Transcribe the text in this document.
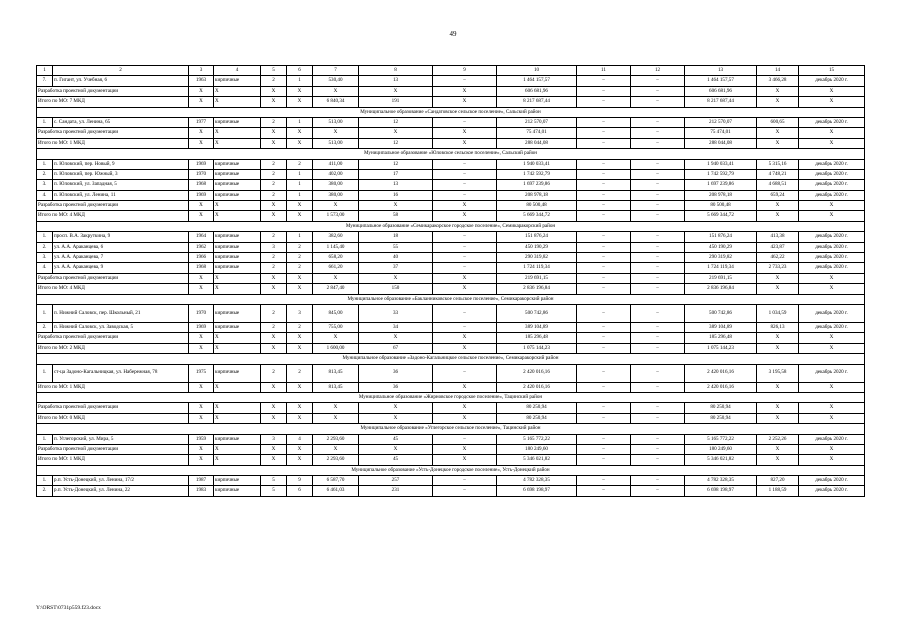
49
1	2	3	4	5	6	7	8	9	10	11	12	13	14	15
7.	п. Гигант, ул. Учебная, 6	1963	кирпичные	2	1	530,40	13	–	1 464 157,57	–	–	1 464 157,57	3 466,28	декабрь 2020 г.
Разработка проектной документации		X	X	X	X	X	X	X	606 681,96	–	–	606 681,96	X	X
Итого по МО: 7 МКД		X	X	X	X	6 840,34	191	X	8 217 687,44	–	–	8 217 687,44	X	X
Муниципальное образование «Сандатовское сельское поселение», Сальский район														
1.	с. Сандата, ул. Ленина, 65	1977	кирпичные	2	1	513,00	12	–	212 570,07	–	–	212 570,07	600,65	декабрь 2020 г.
Разработка проектной документации		X	X	X	X	X	X	X	75 474,01	–	–	75 474,01	X	X
Итого по МО: 1 МКД		X	X	X	X	513,00	12	X	288 044,08	–	–	288 044,08	X	X
Муниципальное образование «Юловское сельское поселение», Сальский район														
1.	п. Юловский, пер. Новый, 9	1969	кирпичные	2	2	411,00	12	–	1 940 033,41	–	–	1 940 033,41	5 315,16	декабрь 2020 г.
2.	п. Юловский, пер. Южный, 3	1970	кирпичные	2	1	402,00	17	–	1 742 592,79	–	–	1 742 592,79	4 748,21	декабрь 2020 г.
3.	п. Юловский, ул. Западная, 5	1968	кирпичные	2	1	380,00	13	–	1 697 239,86	–	–	1 697 239,86	4 688,51	декабрь 2020 г.
4.	п. Юловский, ул. Ленина, 11	1969	кирпичные	2	1	380,00	16	–	208 978,18	–	–	208 978,18	659,24	декабрь 2020 г.
Разработка проектной документации		X	X	X	X	X	X	X	80 500,48	–	–	80 500,48	X	X
Итого по МО: 4 МКД		X	X	X	X	1 573,00	58	X	5 669 344,72	–	–	5 669 344,72	X	X
Муниципальное образование «Семикаракорское городское поселение», Семикаракорский район														
1.	просп. В.А. Закруткина, 9	1964	кирпичные	2	1	382,60	18	–	151 876,24	–	–	151 876,24	413,38	декабрь 2020 г.
2.	ул. А.А. Араканцева, 6	1962	кирпичные	3	2	1 145,40	55	–	450 190,29	–	–	450 190,29	423,87	декабрь 2020 г.
3.	ул. А.А. Араканцева, 7	1966	кирпичные	2	2	658,20	40	–	290 319,82	–	–	290 319,82	462,22	декабрь 2020 г.
4.	ул. А.А. Араканцева, 9	1968	кирпичные	2	2	661,20	37	–	1 724 119,34	–	–	1 724 119,34	2 733,23	декабрь 2020 г.
Разработка проектной документации		X	X	X	X	X	X	X	219 691,15	–	–	219 691,15	X	X
Итого по МО: 4 МКД		X	X	X	X	2 847,40	150	X	2 836 196,84	–	–	2 836 196,84	X	X
Муниципальное образование «Бакланниковское сельское поселение», Семикаракорский район														
1.	п. Нижний Саловск, пер. Школьный, 21	1970	кирпичные	2	3	845,00	33	–	500 742,86	–	–	500 742,86	1 034,59	декабрь 2020 г.
2.	п. Нижний Саловск, ул. Заводская, 5	1969	кирпичные	2	2	755,00	34	–	389 104,89	–	–	389 104,89	826,13	декабрь 2020 г.
Разработка проектной документации		X	X	X	X	X	X	X	185 296,48	–	–	185 296,48	X	X
Итого по МО: 2 МКД		X	X	X	X	1 600,00	67	X	1 075 144,23	–	–	1 075 144,23	X	X
Муниципальное образование «Задоно-Кагальницкое сельское поселение», Семикаракорский район														
1.	ст-ца Задоно-Кагальницкая, ул. Набережная, 78	1975	кирпичные	2	2	813,45	36	–	2 420 016,16	–	–	2 420 016,16	3 195,58	декабрь 2020 г.
Итого по МО: 1 МКД		X	X	X	X	813,45	36	X	2 420 016,16	–	–	2 420 016,16	X	X
Муниципальное образование «Жирновское городское поселение», Тацинский район														
Разработка проектной документации		X	X	X	X	X	X	X	80 250,94	–	–	80 250,94	X	X
Итого по МО: 0 МКД		X	X	X	X	X	X	X	80 250,94	–	–	80 250,94	X	X
Муниципальное образование «Углегорское сельское поселение», Тацинский район														
1.	п. Углегорский, ул. Мира, 5	1959	кирпичные	3	4	2 293,60	45	–	5 165 772,22	–	–	5 165 772,22	2 252,26	декабрь 2020 г.
Разработка проектной документации		X	X	X	X	X	X	X	180 249,60	–	–	180 249,60	X	X
Итого по МО: 1 МКД		X	X	X	X	2 293,60	45	X	5 346 021,82	–	–	5 346 021,82	X	X
Муниципальное образование «Усть-Донецкое городское поселение», Усть-Донецкий район														
1.	р.п. Усть-Донецкий, ул. Ленина, 17/2	1987	кирпичные	5	9	6 587,70	257	–	4 782 328,35	–	–	4 782 328,35	827,20	декабрь 2020 г.
2.	р.п. Усть-Донецкий, ул. Ленина, 22	1983	кирпичные	5	6	6 461,03	231	–	6 698 198,97	–	–	6 698 198,97	1 188,59	декабрь 2020 г.
Y:\ORST\0731p559.f23.docx
